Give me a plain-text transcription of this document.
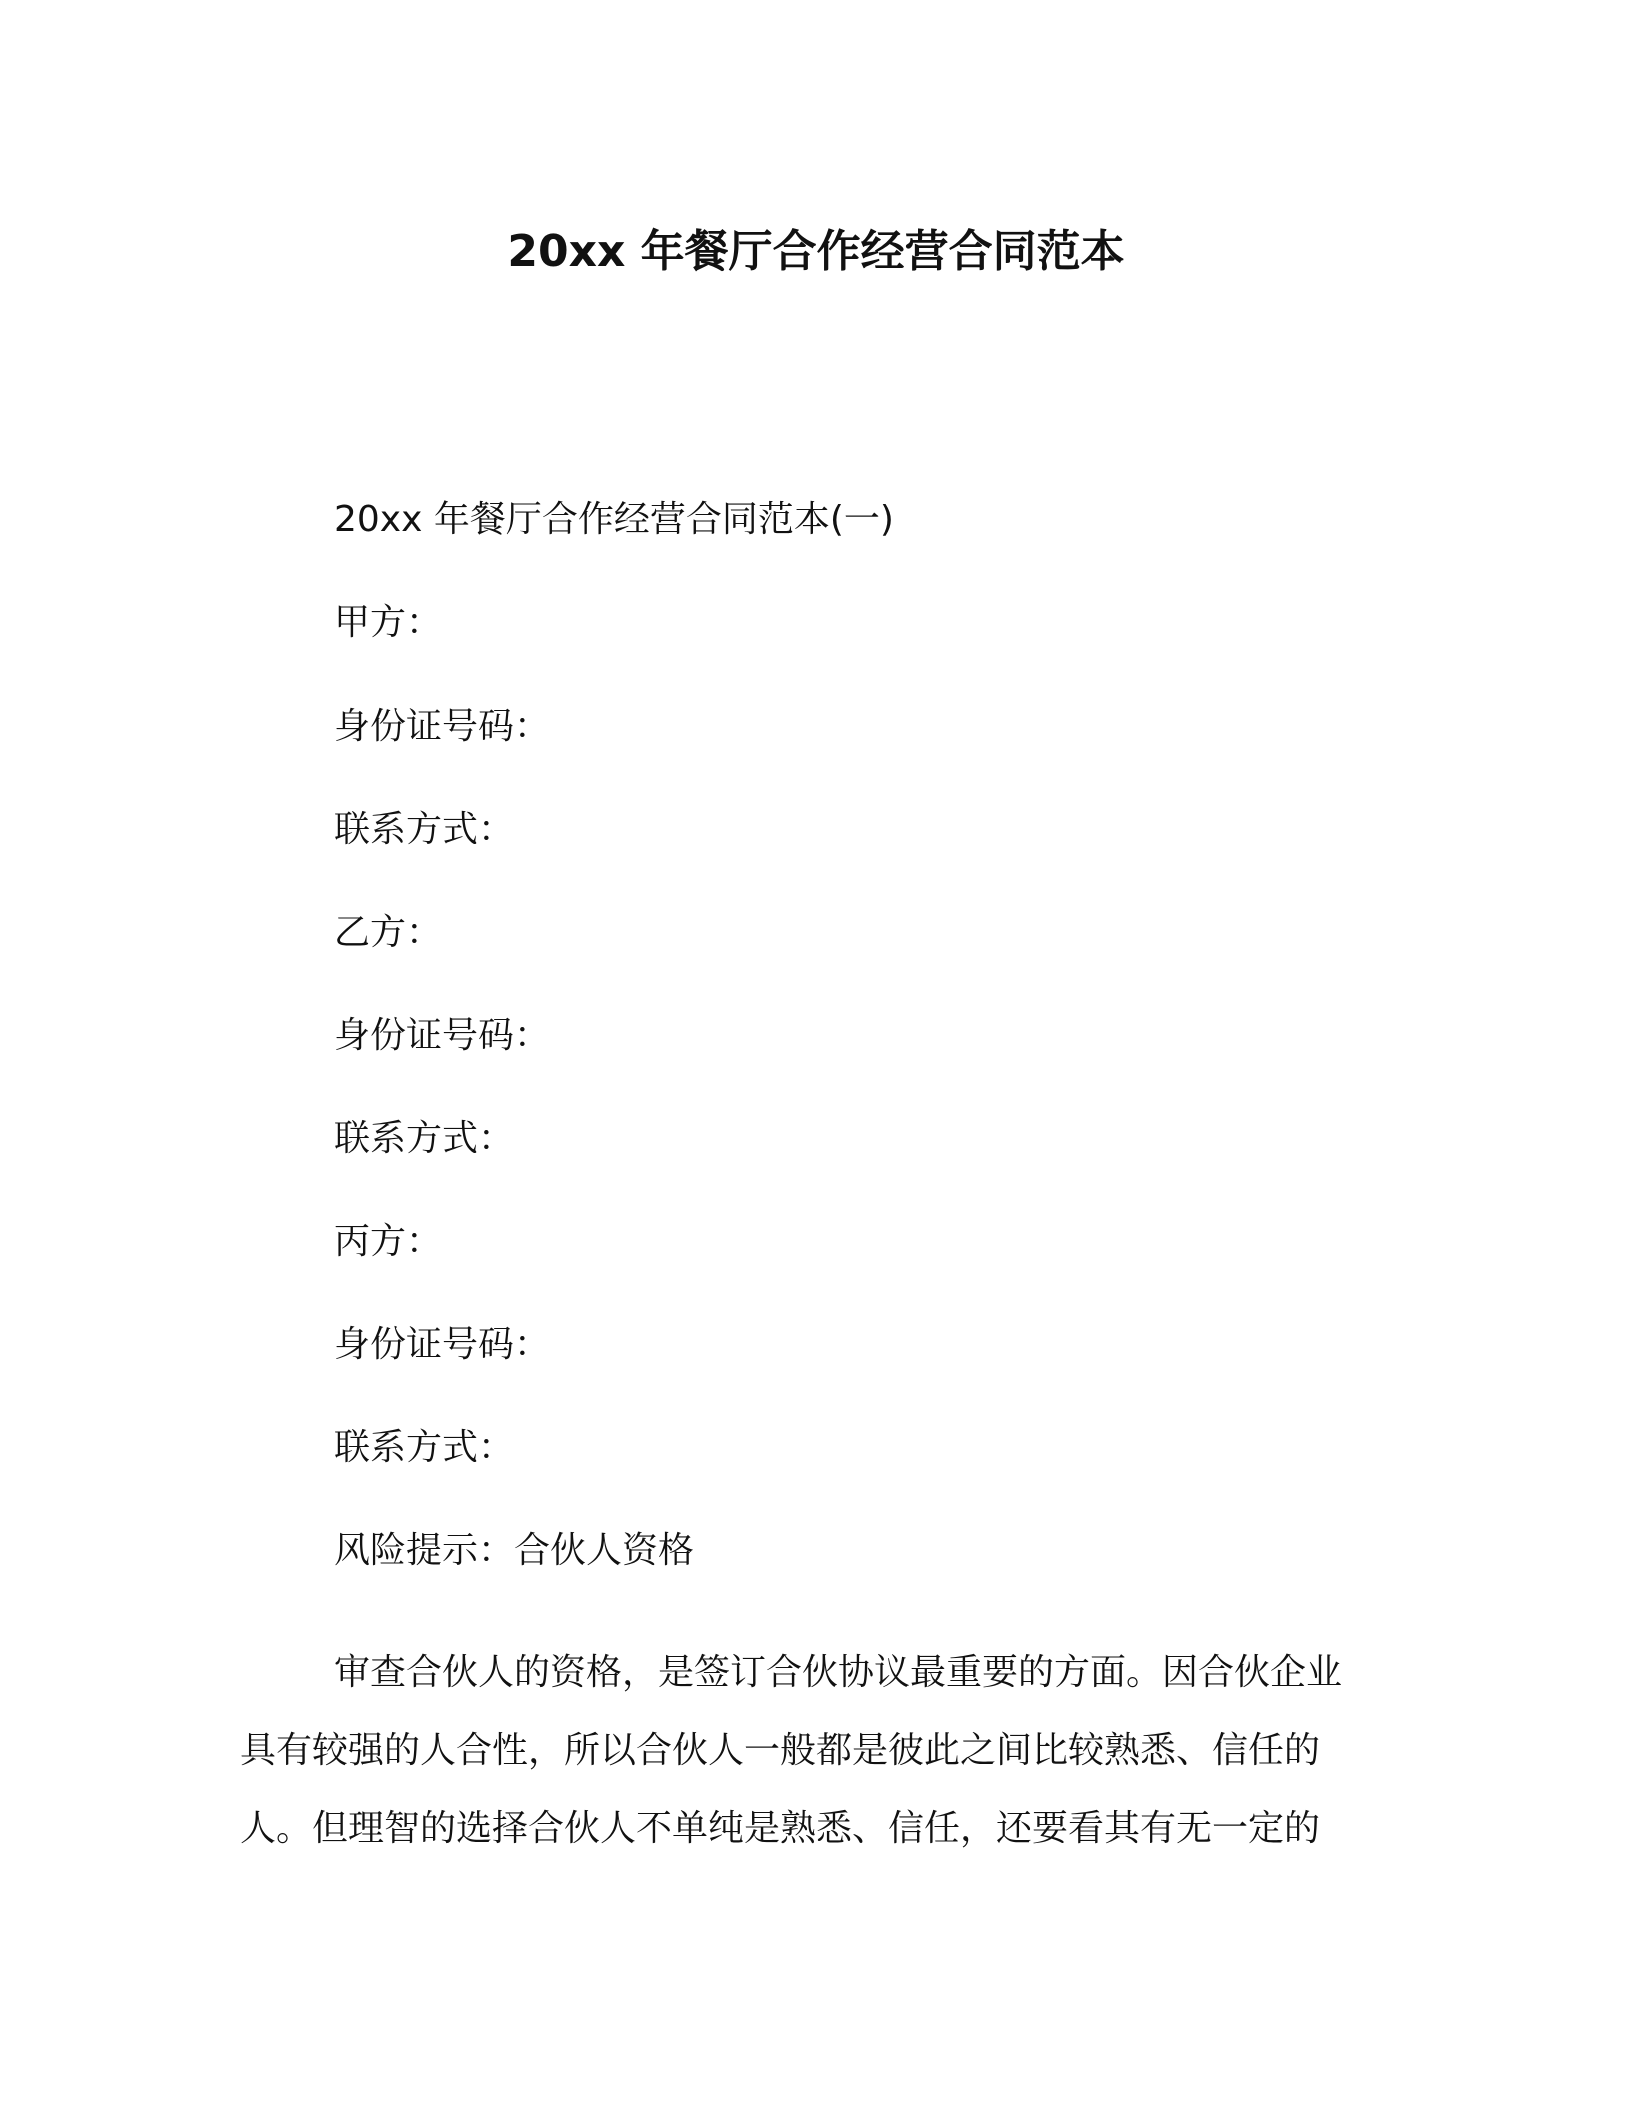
20xx 年餐厅合作经营合同范本
20xx 年餐厅合作经营合同范本(一)
甲方：
身份证号码：
联系方式：
乙方：
身份证号码：
联系方式：
丙方：
身份证号码：
联系方式：
风险提示：合伙人资格
审查合伙人的资格，是签订合伙协议最重要的方面。因合伙企业
具有较强的人合性，所以合伙人一般都是彼此之间比较熟悉、信任的
人。但理智的选择合伙人不单纯是熟悉、信任，还要看其有无一定的
